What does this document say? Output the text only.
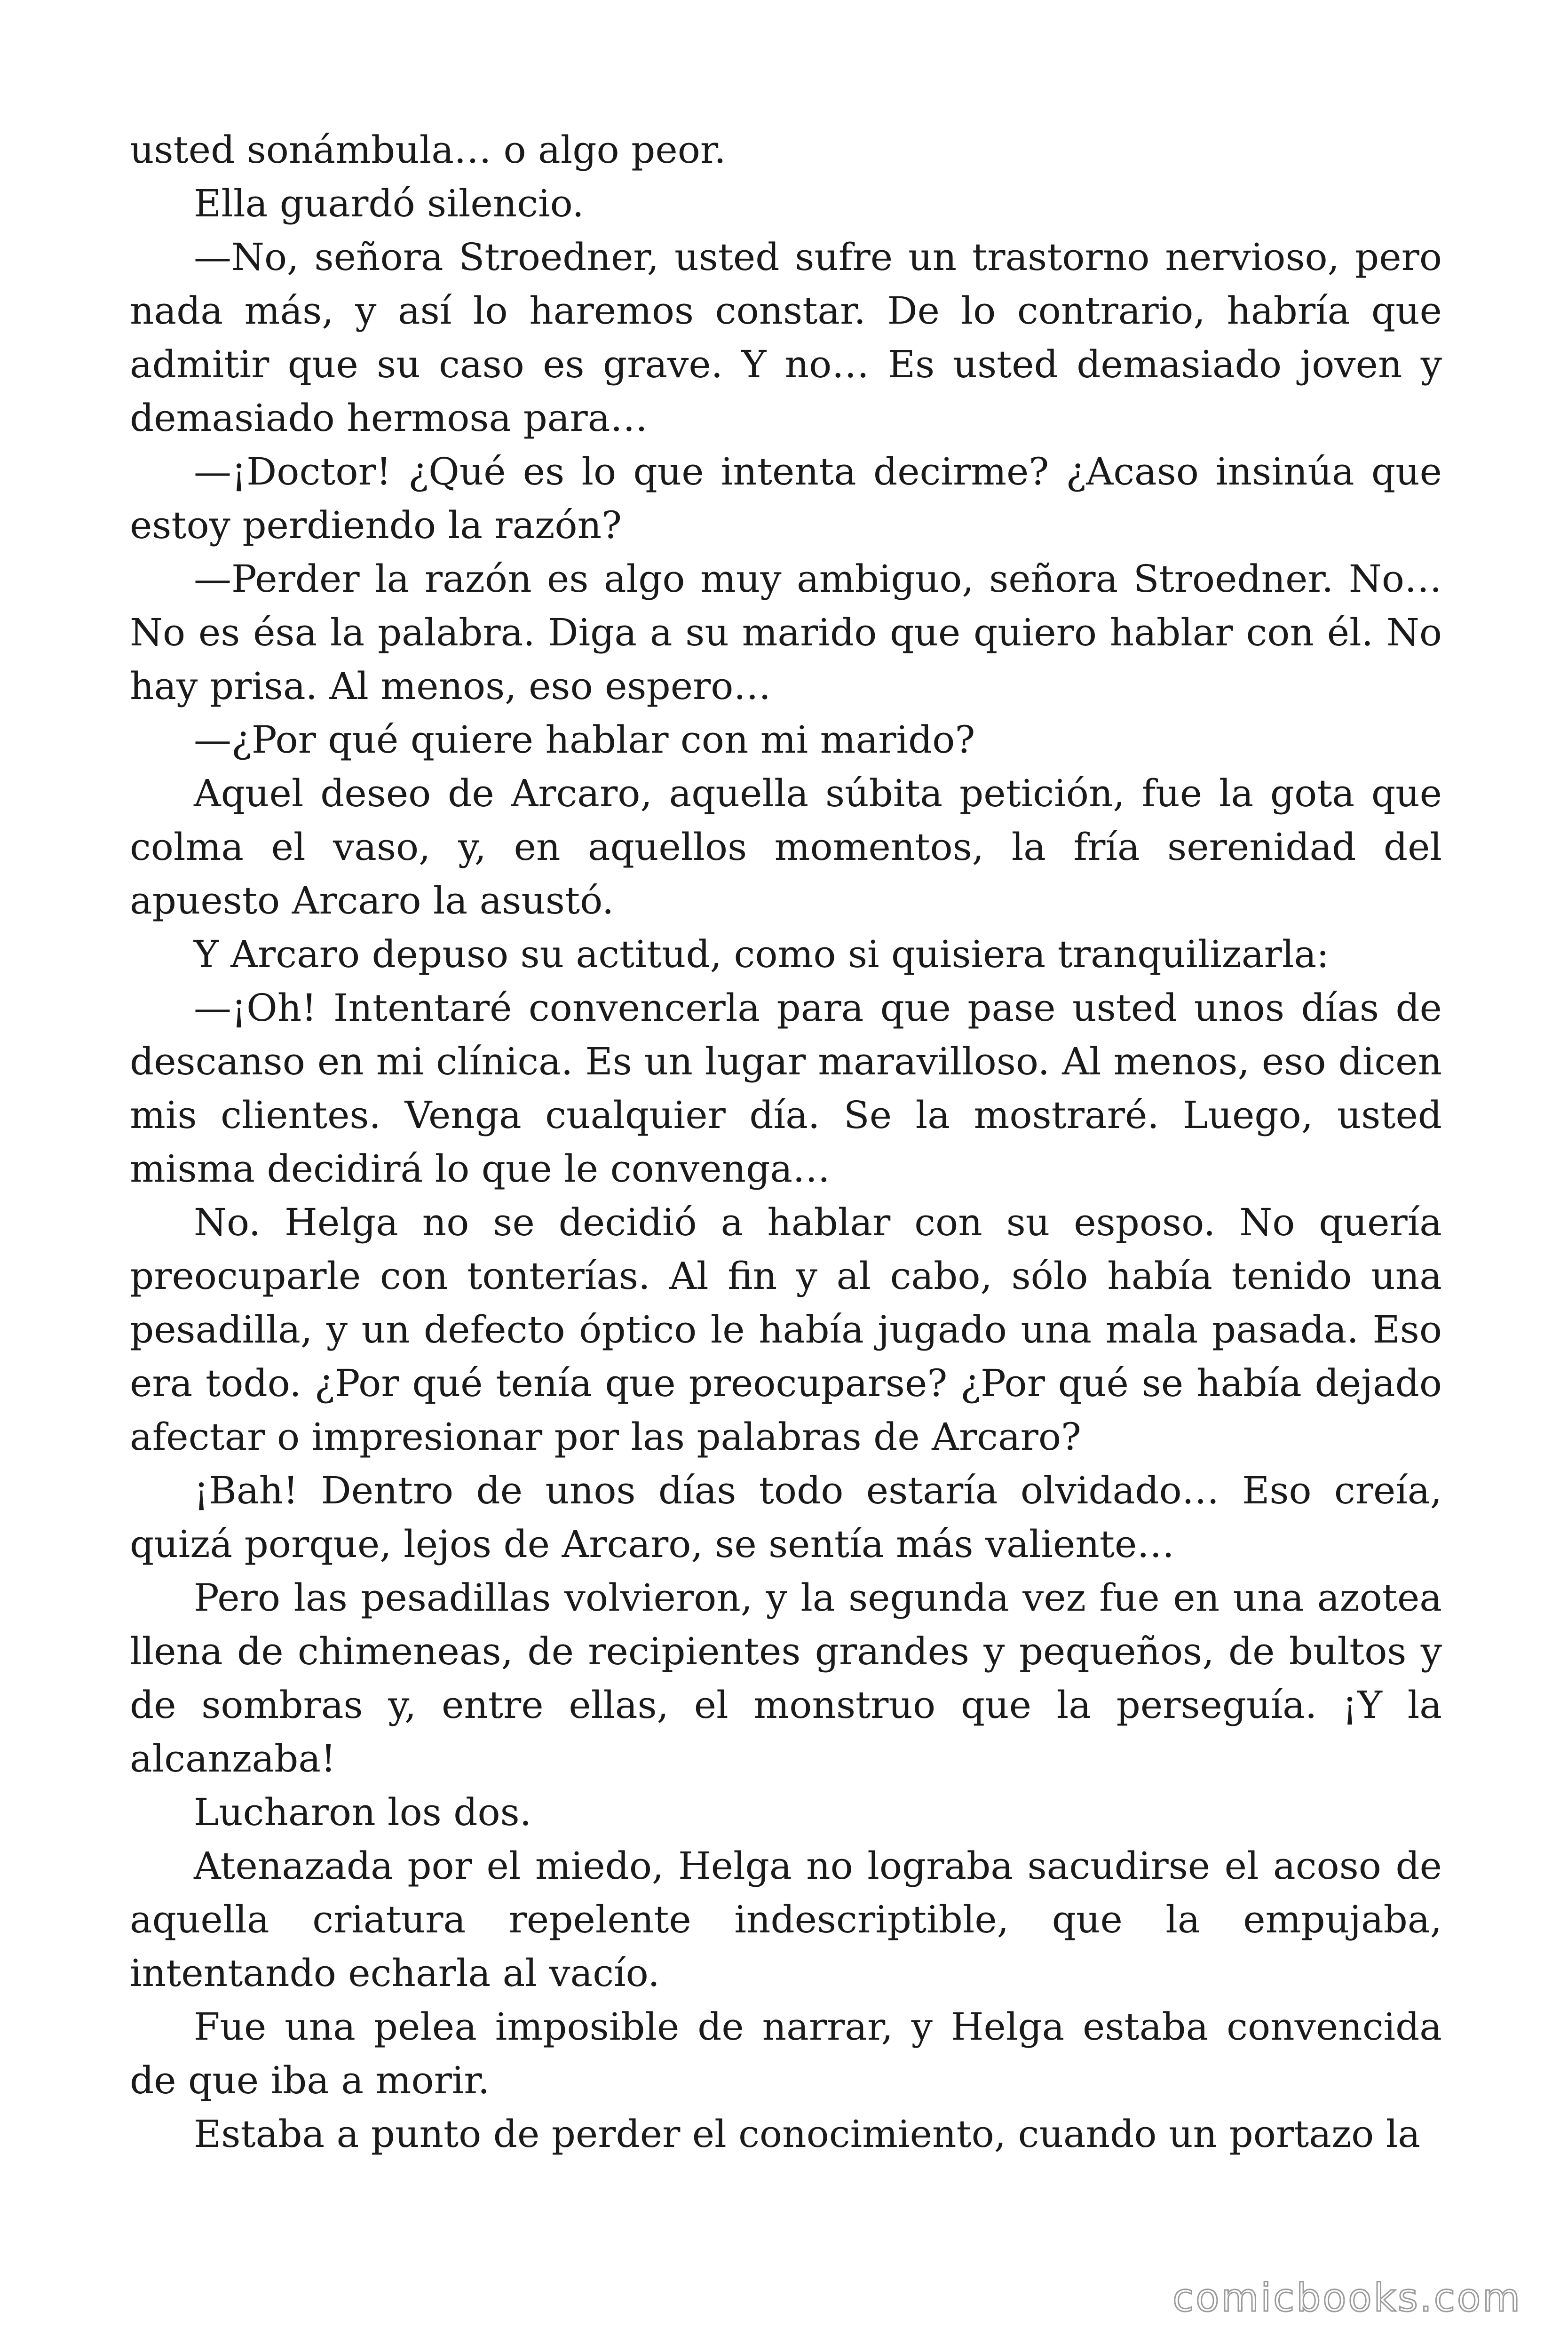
usted sonámbula… o algo peor.

Ella guardó silencio.

—No, señora Stroedner, usted sufre un trastorno nervioso, pero nada más, y así lo haremos constar. De lo contrario, habría que admitir que su caso es grave. Y no… Es usted demasiado joven y demasiado hermosa para…

—¡Doctor! ¿Qué es lo que intenta decirme? ¿Acaso insinúa que estoy perdiendo la razón?

—Perder la razón es algo muy ambiguo, señora Stroedner. No… No es ésa la palabra. Diga a su marido que quiero hablar con él. No hay prisa. Al menos, eso espero…

—¿Por qué quiere hablar con mi marido?

Aquel deseo de Arcaro, aquella súbita petición, fue la gota que colma el vaso, y, en aquellos momentos, la fría serenidad del apuesto Arcaro la asustó.

Y Arcaro depuso su actitud, como si quisiera tranquilizarla:

—¡Oh! Intentaré convencerla para que pase usted unos días de descanso en mi clínica. Es un lugar maravilloso. Al menos, eso dicen mis clientes. Venga cualquier día. Se la mostraré. Luego, usted misma decidirá lo que le convenga…

No. Helga no se decidió a hablar con su esposo. No quería preocuparle con tonterías. Al fin y al cabo, sólo había tenido una pesadilla, y un defecto óptico le había jugado una mala pasada. Eso era todo. ¿Por qué tenía que preocuparse? ¿Por qué se había dejado afectar o impresionar por las palabras de Arcaro?

¡Bah! Dentro de unos días todo estaría olvidado… Eso creía, quizá porque, lejos de Arcaro, se sentía más valiente…

Pero las pesadillas volvieron, y la segunda vez fue en una azotea llena de chimeneas, de recipientes grandes y pequeños, de bultos y de sombras y, entre ellas, el monstruo que la perseguía. ¡Y la alcanzaba!

Lucharon los dos.

Atenazada por el miedo, Helga no lograba sacudirse el acoso de aquella criatura repelente indescriptible, que la empujaba, intentando echarla al vacío.

Fue una pelea imposible de narrar, y Helga estaba convencida de que iba a morir.

Estaba a punto de perder el conocimiento, cuando un portazo la

comicbooks.com
